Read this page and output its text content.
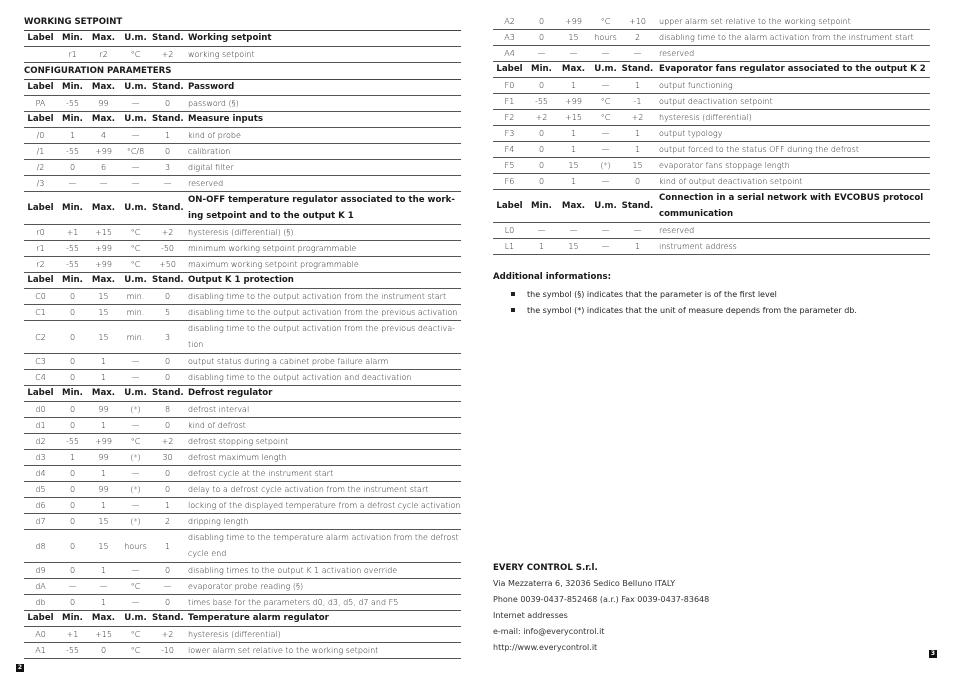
WORKING SETPOINT
Label	Min.	Max.	U.m.	Stand.	Working setpoint

	r1	r2	°C	+2	working setpoint
CONFIGURATION PARAMETERS
Label	Min.	Max.	U.m.	Stand.	Password

PA	-55	99	—	0	password (§)

Label	Min.	Max.	U.m.	Stand.	Measure inputs

/0	1	4	—	1	kind of probe

/1	-55	+99	°C/8	0	calibration

/2	0	6	—	3	digital filter

/3	—	—	—	—	reserved

Label	Min.	Max.	U.m.	Stand.	ON-OFF temperature regulator associated to the work-
ing setpoint and to the output K 1

r0	+1	+15	°C	+2	hysteresis (differential) (§)

r1	-55	+99	°C	-50	minimum working setpoint programmable

r2	-55	+99	°C	+50	maximum working setpoint programmable

Label	Min.	Max.	U.m.	Stand.	Output K 1 protection

C0	0	15	min.	0	disabling time to the output activation from the instrument start

C1	0	15	min.	5	disabling time to the output activation from the previous activation

C2	0	15	min.	3	disabling time to the output activation from the previous deactiva-
tion

C3	0	1	—	0	output status during a cabinet probe failure alarm

C4	0	1	—	0	disabling time to the output activation and deactivation

Label	Min.	Max.	U.m.	Stand.	Defrost regulator

d0	0	99	(*)	8	defrost interval

d1	0	1	—	0	kind of defrost

d2	-55	+99	°C	+2	defrost stopping setpoint

d3	1	99	(*)	30	defrost maximum length

d4	0	1	—	0	defrost cycle at the instrument start

d5	0	99	(*)	0	delay to a defrost cycle activation from the instrument start

d6	0	1	—	1	locking of the displayed temperature from a defrost cycle activation

d7	0	15	(*)	2	dripping length

d8	0	15	hours	1	disabling time to the temperature alarm activation from the defrost
cycle end

d9	0	1	—	0	disabling times to the output K 1 activation override

dA	—	—	°C	—	evaporator probe reading (§)

db	0	1	—	0	times base for the parameters d0, d3, d5, d7 and F5

Label	Min.	Max.	U.m.	Stand.	Temperature alarm regulator

A0	+1	+15	°C	+2	hysteresis (differential)

A1	-55	0	°C	-10	lower alarm set relative to the working setpoint
2
A2	0	+99	°C	+10	upper alarm set relative to the working setpoint

A3	0	15	hours	2	disabling time to the alarm activation from the instrument start

A4	—	—	—	—	reserved

Label	Min.	Max.	U.m.	Stand.	Evaporator fans regulator associated to the output K 2

F0	0	1	—	1	output functioning

F1	-55	+99	°C	-1	output deactivation setpoint

F2	+2	+15	°C	+2	hysteresis (differential)

F3	0	1	—	1	output typology

F4	0	1	—	1	output forced to the status OFF during the defrost

F5	0	15	(*)	15	evaporator fans stoppage length

F6	0	1	—	0	kind of output deactivation setpoint

Label	Min.	Max.	U.m.	Stand.	Connection in a serial network with EVCOBUS protocol
communication

L0	—	—	—	—	reserved

L1	1	15	—	1	instrument address
Additional informations:
the symbol (§) indicates that the parameter is of the first level
the symbol (*) indicates that the unit of measure depends from the parameter db.
EVERY CONTROL S.r.l.
Via Mezzaterra 6, 32036 Sedico Belluno ITALY
Phone 0039-0437-852468 (a.r.) Fax 0039-0437-83648
Internet addresses
e-mail: info@everycontrol.it
http://www.everycontrol.it
3
